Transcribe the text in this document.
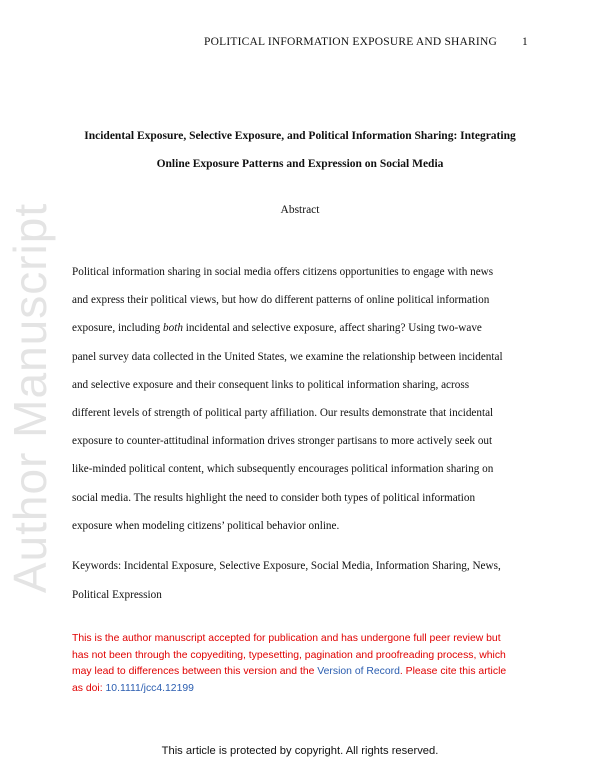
POLITICAL INFORMATION EXPOSURE AND SHARING 1
Author Manuscript
Incidental Exposure, Selective Exposure, and Political Information Sharing: Integrating
Online Exposure Patterns and Expression on Social Media
Abstract
Political information sharing in social media offers citizens opportunities to engage with news
and express their political views, but how do different patterns of online political information
exposure, including both incidental and selective exposure, affect sharing? Using two-wave
panel survey data collected in the United States, we examine the relationship between incidental
and selective exposure and their consequent links to political information sharing, across
different levels of strength of political party affiliation. Our results demonstrate that incidental
exposure to counter-attitudinal information drives stronger partisans to more actively seek out
like-minded political content, which subsequently encourages political information sharing on
social media. The results highlight the need to consider both types of political information
exposure when modeling citizens’ political behavior online.
Keywords: Incidental Exposure, Selective Exposure, Social Media, Information Sharing, News,
Political Expression
This is the author manuscript accepted for publication and has undergone full peer review but
has not been through the copyediting, typesetting, pagination and proofreading process, which
may lead to differences between this version and the Version of Record. Please cite this article
as doi: 10.1111/jcc4.12199
This article is protected by copyright. All rights reserved.
